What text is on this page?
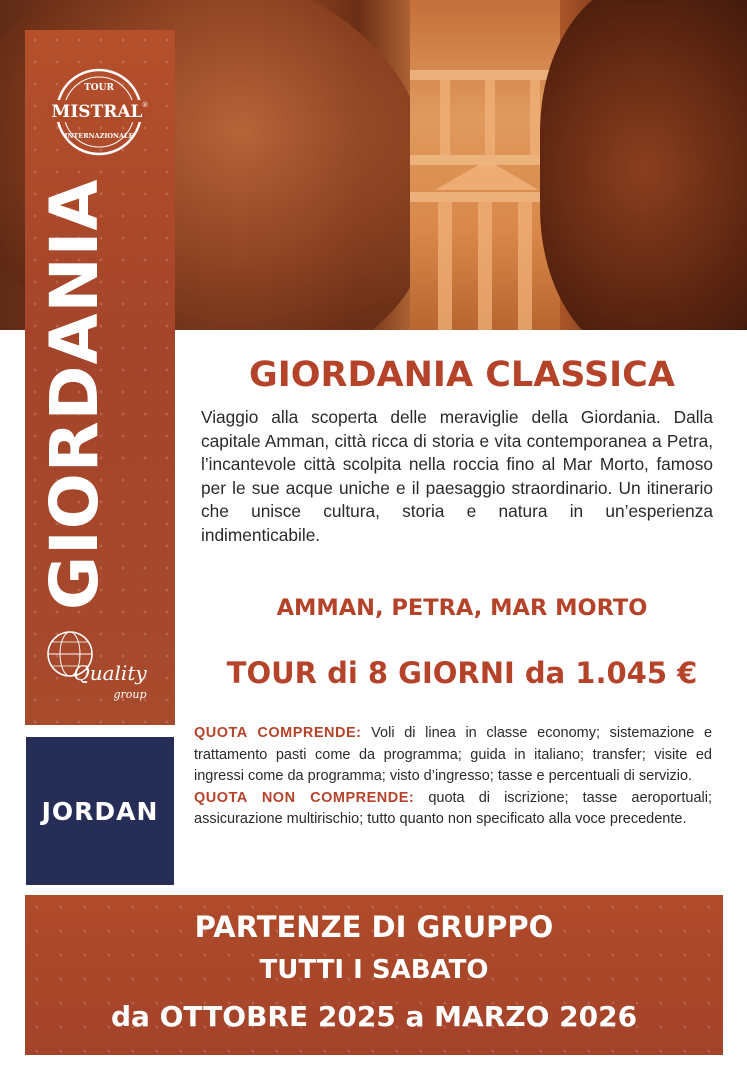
TOUR
MISTRAL ®
INTERNAZIONALE
GIORDANIA
Quality
group
JORDAN
GIORDANIA CLASSICA

Viaggio alla scoperta delle meraviglie della Giordania. Dalla capitale Amman, città ricca di storia e vita contemporanea a Petra, l’incantevole città scolpita nella roccia fino al Mar Morto, famoso per le sue acque uniche e il paesaggio straordinario. Un itinerario che unisce cultura, storia e natura in un’esperienza indimenticabile.

AMMAN, PETRA, MAR MORTO
TOUR di 8 GIORNI da 1.045 €
QUOTA COMPRENDE: Voli di linea in classe economy; sistemazione e trattamento pasti come da programma; guida in italiano; transfer; visite ed ingressi come da programma; visto d’ingresso; tasse e percentuali di servizio.
QUOTA NON COMPRENDE: quota di iscrizione; tasse aeroportuali; assicurazione multirischio; tutto quanto non specificato alla voce precedente.
PARTENZE DI GRUPPO
TUTTI I SABATO
da OTTOBRE 2025 a MARZO 2026
